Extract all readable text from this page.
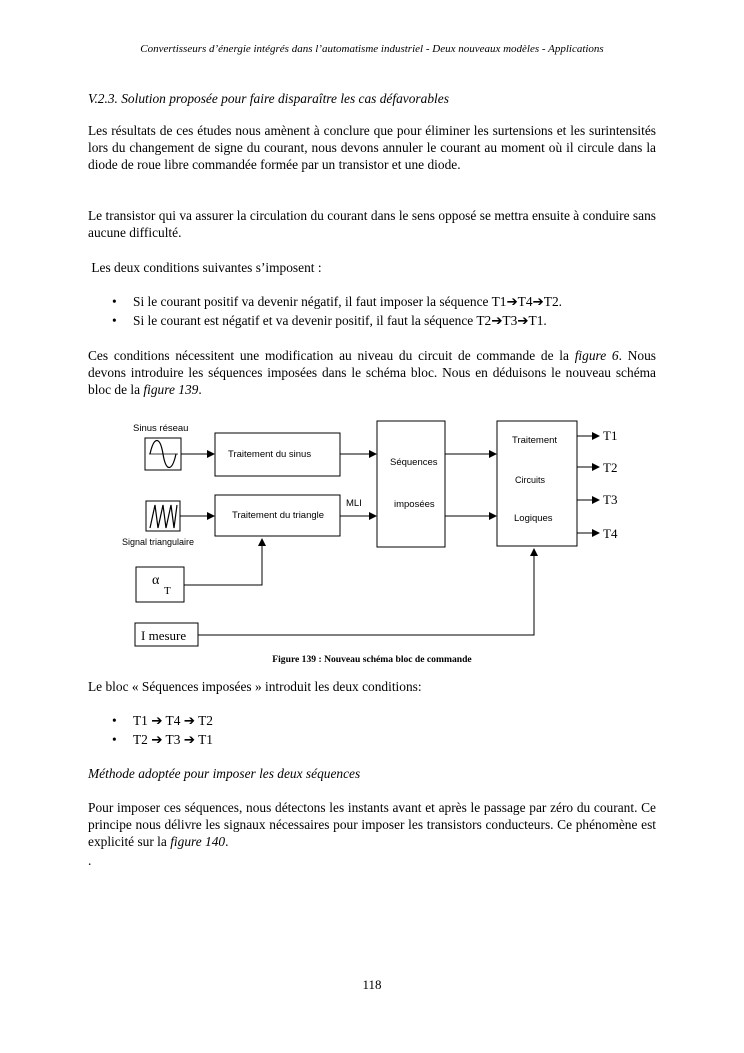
Convertisseurs d’énergie intégrés dans l’automatisme industriel - Deux nouveaux modèles - Applications
V.2.3. Solution proposée pour faire disparaître les cas défavorables
Les résultats de ces études nous amènent à conclure que pour éliminer les surtensions et les surintensités lors du changement de signe du courant, nous devons annuler le courant au moment où il circule dans la diode de roue libre commandée formée par un transistor et une diode.
Le transistor qui va assurer la circulation du courant dans le sens opposé se mettra ensuite à conduire sans aucune difficulté.
Les deux conditions suivantes s’imposent :
• Si le courant positif va devenir négatif, il faut imposer la séquence T1➔T4➔T2.
• Si le courant est négatif et va devenir positif, il faut la séquence T2➔T3➔T1.
Ces conditions nécessitent une modification au niveau du circuit de commande de la figure 6. Nous devons introduire les séquences imposées dans le schéma bloc. Nous en déduisons le nouveau schéma bloc de la figure 139.
Sinus réseau
Signal triangulaire
Traitement du sinus
Traitement du triangle
MLI
Séquences
imposées
Traitement
Circuits
Logiques
α
T
I mesure
T1
T2
T3
T4
Figure 139 : Nouveau schéma bloc de commande
Le bloc « Séquences imposées » introduit les deux conditions:
• T1 ➔ T4 ➔ T2
• T2 ➔ T3 ➔ T1
Méthode adoptée pour imposer les deux séquences
Pour imposer ces séquences, nous détectons les instants avant et après le passage par zéro du courant. Ce principe nous délivre les signaux nécessaires pour imposer les transistors conducteurs. Ce phénomène est explicité sur la figure 140.
.
118
